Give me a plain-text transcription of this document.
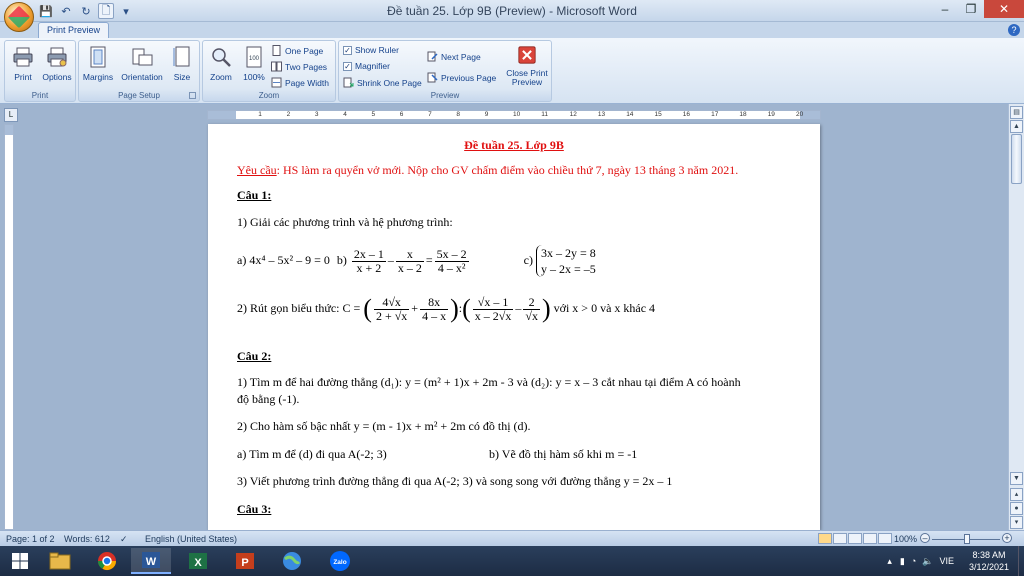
💾 ↶ ↻ 🗋	▾	Đề tuần 25. Lớp 9B (Preview) - Microsoft Word	–	❐	✕
Print Preview	?
Print Options
Print
Margins Orientation Size
Page Setup
Zoom
100
100%
One Page
Two Pages
Page Width
Zoom
✓ Show Ruler
✓ Magnifier
Shrink One Page
Next Page
Previous Page Close Print
Preview
Preview
L	1	2	3	4	5	6	7	8	9	10	11	12	13	14	15	16	17	18	19	20
Đề tuần 25. Lớp 9B
Yêu cầu: HS làm ra quyển vở mới. Nộp cho GV chấm điểm vào chiều thứ 7, ngày 13 tháng 3 năm 2021.
Câu 1:
1) Giải các phương trình và hệ phương trình:
a) 4x⁴ – 5x² – 9 = 0 $b) \frac{2x - 1}{x + 2} - \frac{x}{x - 2} = \frac{5x - 2}{\text{4 – x²}}$	c) 3x – 2y = 8
y – 2x = –5
2) Rút gọn biểu thức: C = ( $\frac{4√x}{2 + √x} + \frac{8x}{4 - x}$ ):( $\frac{√x - 1}{x - 2√x} - \frac{2}{√x}$ ) với x > 0 và x khác 4
Câu 2:
1) Tìm m để hai đường thẳng (d₁): y = (m² + 1)x + 2m - 3 và (d₂): y = x – 3 cắt nhau tại điểm A có hoành
độ bằng (-1).
2) Cho hàm số bậc nhất y = (m - 1)x + m² + 2m có đồ thị (d).
a) Tìm m để (d) đi qua A(-2; 3)	b) Vẽ đồ thị hàm số khi m = -1
3) Viết phương trình đường thẳng đi qua A(-2; 3) và song song với đường thẳng y = 2x – 1
Câu 3:
▤
▲
▼
▴
●
▾
Page: 1 of 2 Words: 612 ✓ English (United States)	100% –	+
W	X	P	Zalo	▴ ▮ ◔ 🔈 VIE
8:38 AM
3/12/2021
